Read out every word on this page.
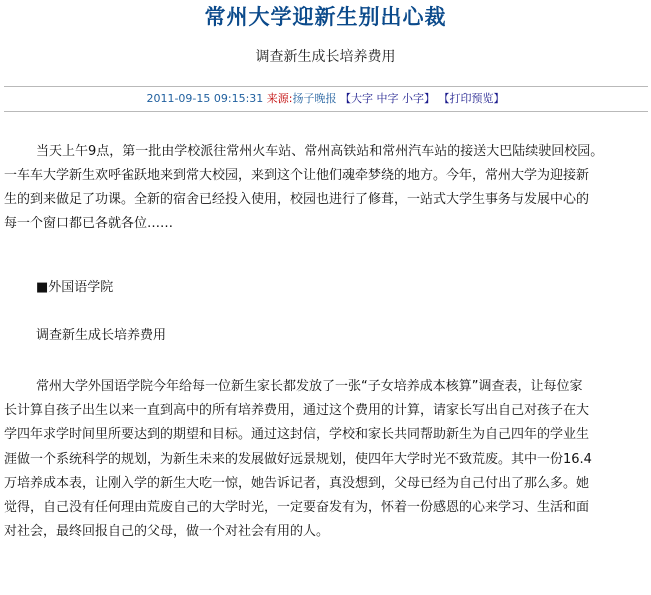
常州大学迎新生别出心裁
调查新生成长培养费用
2011-09-15 09:15:31 来源:扬子晚报 【大字 中字 小字】 【打印预览】
当天上午9点，第一批由学校派往常州火车站、常州高铁站和常州汽车站的接送大巴陆续驶回校园。
一车车大学新生欢呼雀跃地来到常大校园，来到这个让他们魂牵梦绕的地方。今年，常州大学为迎接新
生的到来做足了功课。全新的宿舍已经投入使用，校园也进行了修葺，一站式大学生事务与发展中心的
每一个窗口都已各就各位……
■外国语学院
调查新生成长培养费用
常州大学外国语学院今年给每一位新生家长都发放了一张“子女培养成本核算”调查表，让每位家
长计算自孩子出生以来一直到高中的所有培养费用，通过这个费用的计算，请家长写出自己对孩子在大
学四年求学时间里所要达到的期望和目标。通过这封信，学校和家长共同帮助新生为自己四年的学业生
涯做一个系统科学的规划，为新生未来的发展做好远景规划，使四年大学时光不致荒废。其中一份16.4
万培养成本表，让刚入学的新生大吃一惊，她告诉记者，真没想到，父母已经为自己付出了那么多。她
觉得，自己没有任何理由荒废自己的大学时光，一定要奋发有为，怀着一份感恩的心来学习、生活和面
对社会，最终回报自己的父母，做一个对社会有用的人。
